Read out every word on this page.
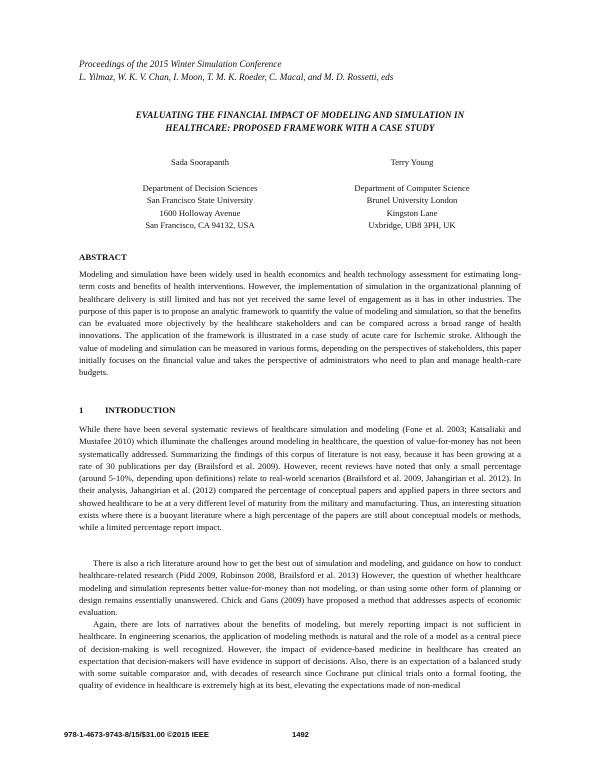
Proceedings of the 2015 Winter Simulation Conference
L. Yilmaz, W. K. V. Chan, I. Moon, T. M. K. Roeder, C. Macal, and M. D. Rossetti, eds
EVALUATING THE FINANCIAL IMPACT OF MODELING AND SIMULATION IN
HEALTHCARE: PROPOSED FRAMEWORK WITH A CASE STUDY
Sada Soorapanth
Department of Decision Sciences
San Francisco State University
1600 Holloway Avenue
San Francisco, CA 94132, USA
Terry Young
Department of Computer Science
Brunel University London
Kingston Lane
Uxbridge, UB8 3PH, UK
ABSTRACT

Modeling and simulation have been widely used in health economics and health technology assessment for estimating long-term costs and benefits of health interventions. However, the implementation of simulation in the organizational planning of healthcare delivery is still limited and has not yet received the same level of engagement as it has in other industries. The purpose of this paper is to propose an analytic framework to quantify the value of modeling and simulation, so that the benefits can be evaluated more objectively by the healthcare stakeholders and can be compared across a broad range of health innovations. The application of the framework is illustrated in a case study of acute care for Ischemic stroke. Although the value of modeling and simulation can be measured in various forms, depending on the perspectives of stakeholders, this paper initially focuses on the financial value and takes the perspective of administrators who need to plan and manage health-care budgets.

1 INTRODUCTION

While there have been several systematic reviews of healthcare simulation and modeling (Fone et al. 2003; Katsaliaki and Mustafee 2010) which illuminate the challenges around modeling in healthcare, the question of value-for-money has not been systematically addressed. Summarizing the findings of this corpus of literature is not easy, because it has been growing at a rate of 30 publications per day (Brailsford et al. 2009). However, recent reviews have noted that only a small percentage (around 5-10%, depending upon definitions) relate to real-world scenarios (Brailsford et al. 2009, Jahangirian et al. 2012). In their analysis, Jahangirian et al. (2012) compared the percentage of conceptual papers and applied papers in three sectors and showed healthcare to be at a very different level of maturity from the military and manufacturing. Thus, an interesting situation exists where there is a buoyant literature where a high percentage of the papers are still about conceptual models or methods, while a limited percentage report impact.

There is also a rich literature around how to get the best out of simulation and modeling, and guidance on how to conduct healthcare-related research (Pidd 2009, Robinson 2008, Brailsford et al. 2013) However, the question of whether healthcare modeling and simulation represents better value-for-money than not modeling, or than using some other form of planning or design remains essentially unanswered. Chick and Gans (2009) have proposed a method that addresses aspects of economic evaluation.

Again, there are lots of narratives about the benefits of modeling, but merely reporting impact is not sufficient in healthcare. In engineering scenarios, the application of modeling methods is natural and the role of a model as a central piece of decision-making is well recognized. However, the impact of evidence-based medicine in healthcare has created an expectation that decision-makers will have evidence in support of decisions. Also, there is an expectation of a balanced study with some suitable comparator and, with decades of research since Cochrane put clinical trials onto a formal footing, the quality of evidence in healthcare is extremely high at its best, elevating the expectations made of non-medical

978-1-4673-9743-8/15/$31.00 ©2015 IEEE	1492
